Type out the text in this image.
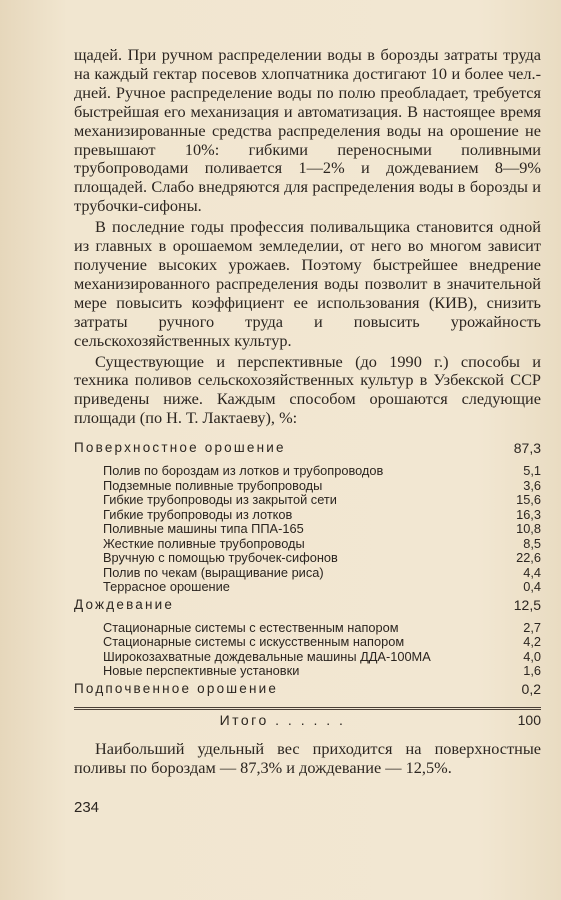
щадей. При ручном распределении воды в борозды затраты труда на каждый гектар посевов хлопчатника достигают 10 и более чел.-дней. Ручное распределение воды по полю преобладает, требуется быстрейшая его механизация и автоматизация. В настоящее время механизированные средства распределения воды на орошение не превышают 10%: гибкими переносными поливными трубопроводами поливается 1—2% и дождеванием 8—9% площадей. Слабо внедряются для распределения воды в борозды и трубочки-сифоны.

В последние годы профессия поливальщика становится одной из главных в орошаемом земледелии, от него во многом зависит получение высоких урожаев. Поэтому быстрейшее внедрение механизированного распределения воды позволит в значительной мере повысить коэффициент ее использования (КИВ), снизить затраты ручного труда и повысить урожайность сельскохозяйственных культур.

Существующие и перспективные (до 1990 г.) способы и техника поливов сельскохозяйственных культур в Узбекской ССР приведены ниже. Каждым способом орошаются следующие площади (по Н. Т. Лактаеву), %:

Поверхностное орошение	87,3

Полив по бороздам из лотков и трубопроводов	5,1
Подземные поливные трубопроводы	3,6
Гибкие трубопроводы из закрытой сети	15,6
Гибкие трубопроводы из лотков	16,3
Поливные машины типа ППА-165	10,8
Жесткие поливные трубопроводы	8,5
Вручную с помощью трубочек-сифонов	22,6
Полив по чекам (выращивание риса)	4,4
Террасное орошение	0,4
Дождевание	12,5

Стационарные системы с естественным напором	2,7
Стационарные системы с искусственным напором	4,2
Широкозахватные дождевальные машины ДДА-100МА	4,0
Новые перспективные установки	1,6
Подпочвенное орошение	0,2

Итого . . . . . .	100

Наибольший удельный вес приходится на поверхностные поливы по бороздам — 87,3% и дождевание — 12,5%.

234
